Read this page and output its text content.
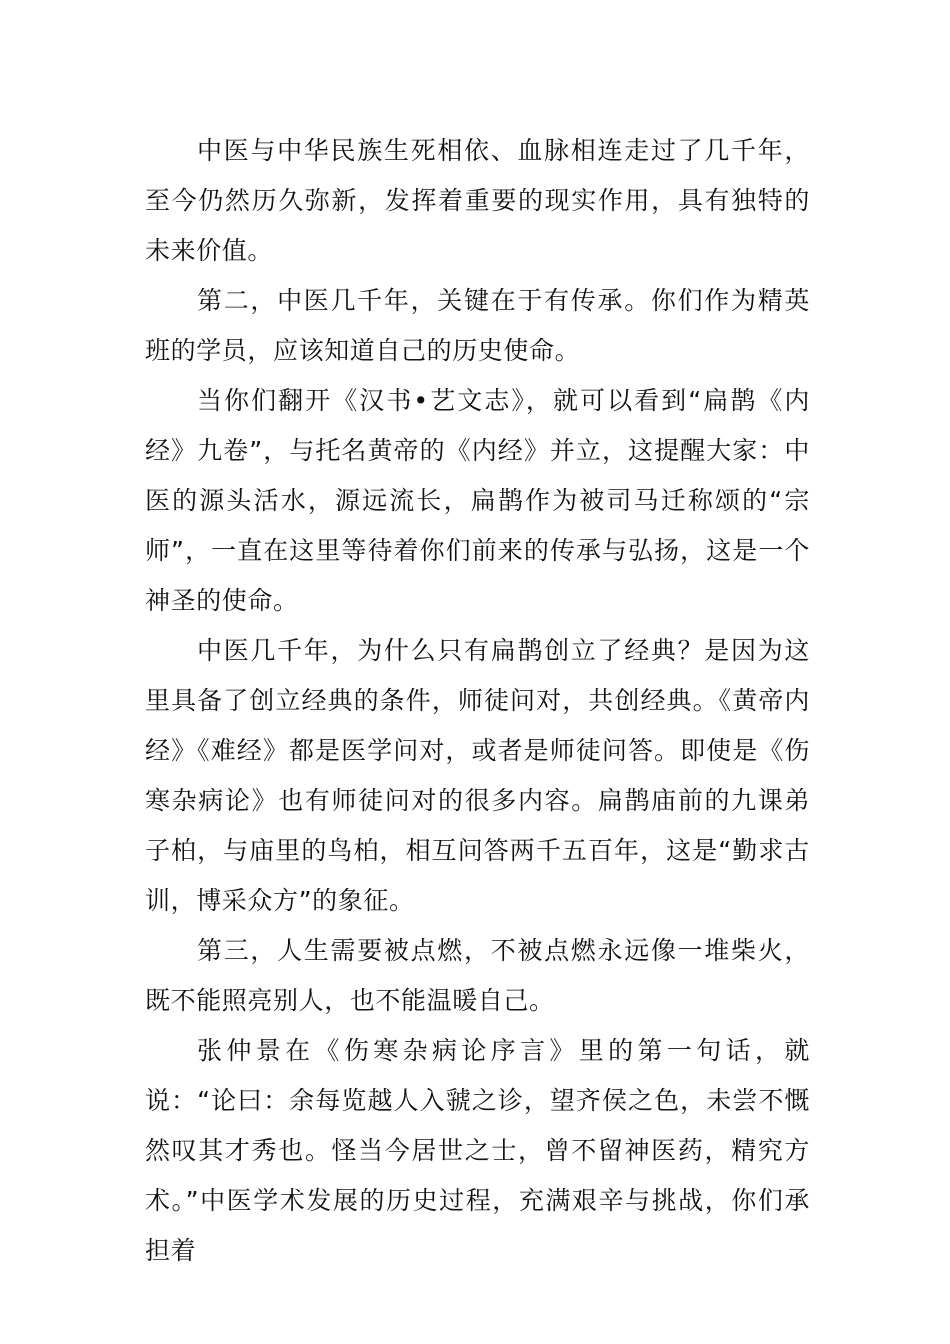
中医与中华民族生死相依、血脉相连走过了几千年，至今仍然历久弥新，发挥着重要的现实作用，具有独特的未来价值。

第二，中医几千年，关键在于有传承。你们作为精英班的学员，应该知道自己的历史使命。

当你们翻开《汉书•艺文志》，就可以看到“扁鹊《内经》九卷”，与托名黄帝的《内经》并立，这提醒大家：中医的源头活水，源远流长，扁鹊作为被司马迁称颂的“宗师”，一直在这里等待着你们前来的传承与弘扬，这是一个神圣的使命。

中医几千年，为什么只有扁鹊创立了经典？是因为这里具备了创立经典的条件，师徒问对，共创经典。《黄帝内经》《难经》都是医学问对，或者是师徒问答。即使是《伤寒杂病论》也有师徒问对的很多内容。扁鹊庙前的九课弟子柏，与庙里的鸟柏，相互问答两千五百年，这是“勤求古训，博采众方”的象征。

第三，人生需要被点燃，不被点燃永远像一堆柴火，既不能照亮别人，也不能温暖自己。

张仲景在《伤寒杂病论序言》里的第一句话，就说：“论曰：余每览越人入虢之诊，望齐侯之色，未尝不慨然叹其才秀也。怪当今居世之士，曾不留神医药，精究方术。”中医学术发展的历史过程，充满艰辛与挑战，你们承担着
